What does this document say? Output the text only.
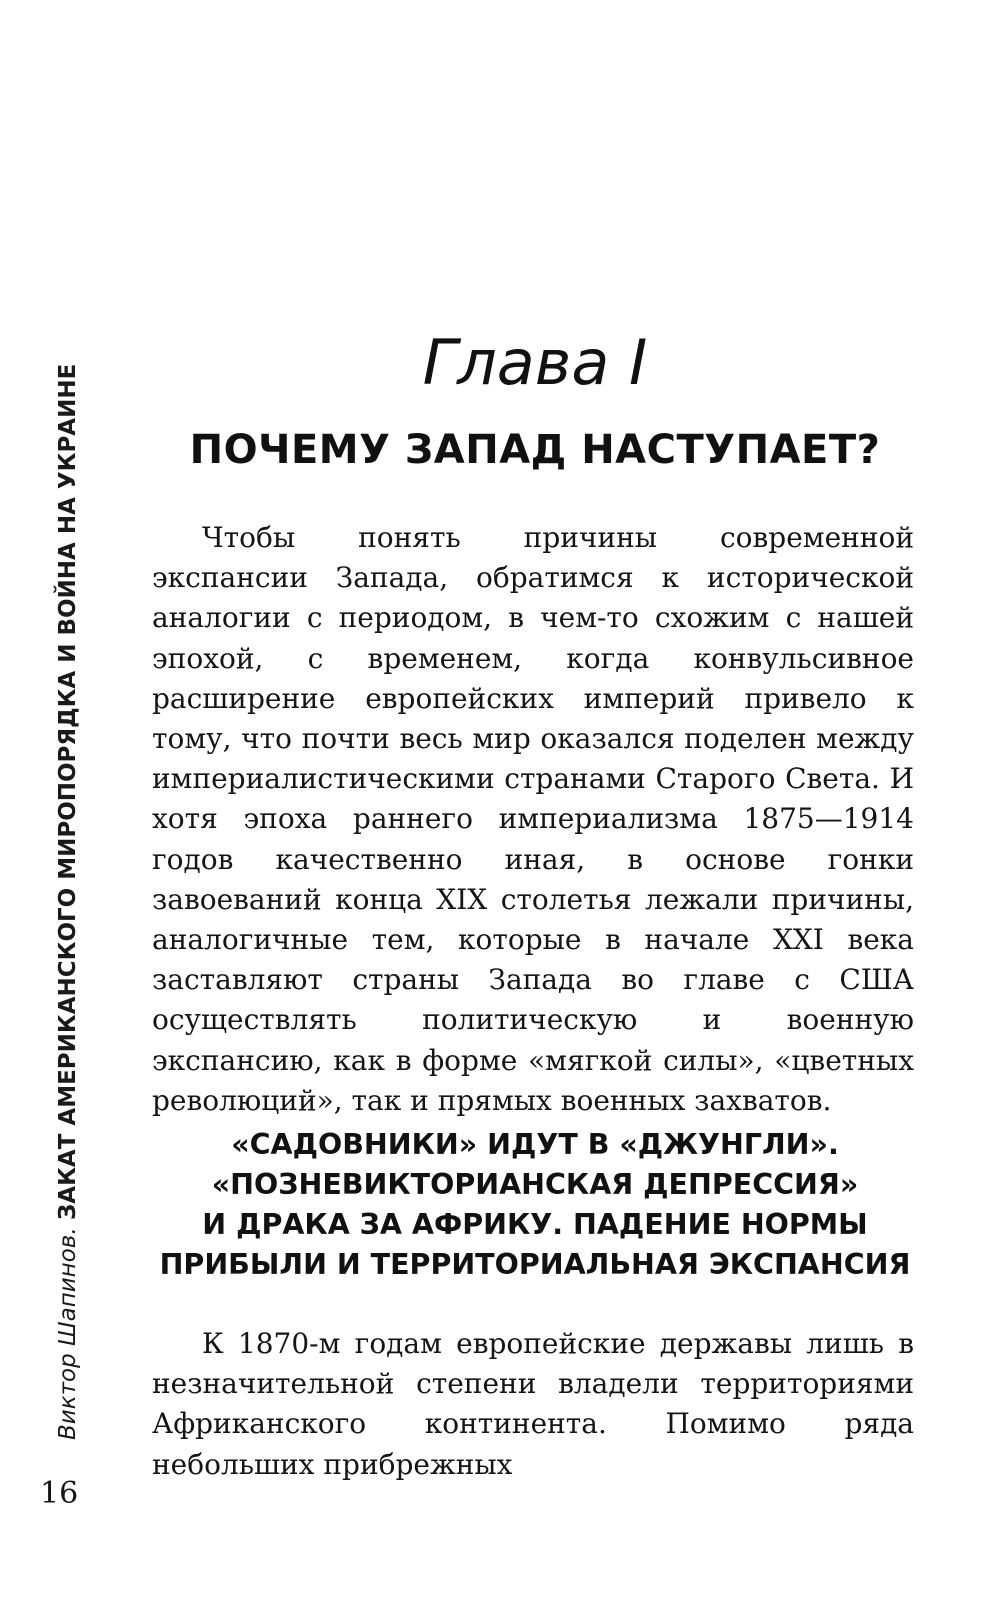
Виктор Шапинов. ЗАКАТ АМЕРИКАНСКОГО МИРОПОРЯДКА И ВОЙНА НА УКРАИНЕ
Глава I
ПОЧЕМУ ЗАПАД НАСТУПАЕТ?

Чтобы понять причины современной экспансии Запада, обратимся к исторической аналогии с периодом, в чем-то схожим с нашей эпохой, с временем, когда конвульсивное расширение европейских империй привело к тому, что почти весь мир оказался поделен между империалистическими странами Старого Света. И хотя эпоха раннего империализма 1875—1914 годов качественно иная, в основе гонки завоеваний конца XIX столетья лежали причины, аналогичные тем, которые в начале XXI века заставляют страны Запада во главе с США осуществлять политическую и военную экспансию, как в форме «мягкой силы», «цветных революций», так и прямых военных захватов.

«САДОВНИКИ» ИДУТ В «ДЖУНГЛИ».
«ПОЗНЕВИКТОРИАНСКАЯ ДЕПРЕССИЯ»
И ДРАКА ЗА АФРИКУ. ПАДЕНИЕ НОРМЫ
ПРИБЫЛИ И ТЕРРИТОРИАЛЬНАЯ ЭКСПАНСИЯ

К 1870-м годам европейские державы лишь в незначительной степени владели территориями Африканского континента. Помимо ряда небольших прибрежных

16
